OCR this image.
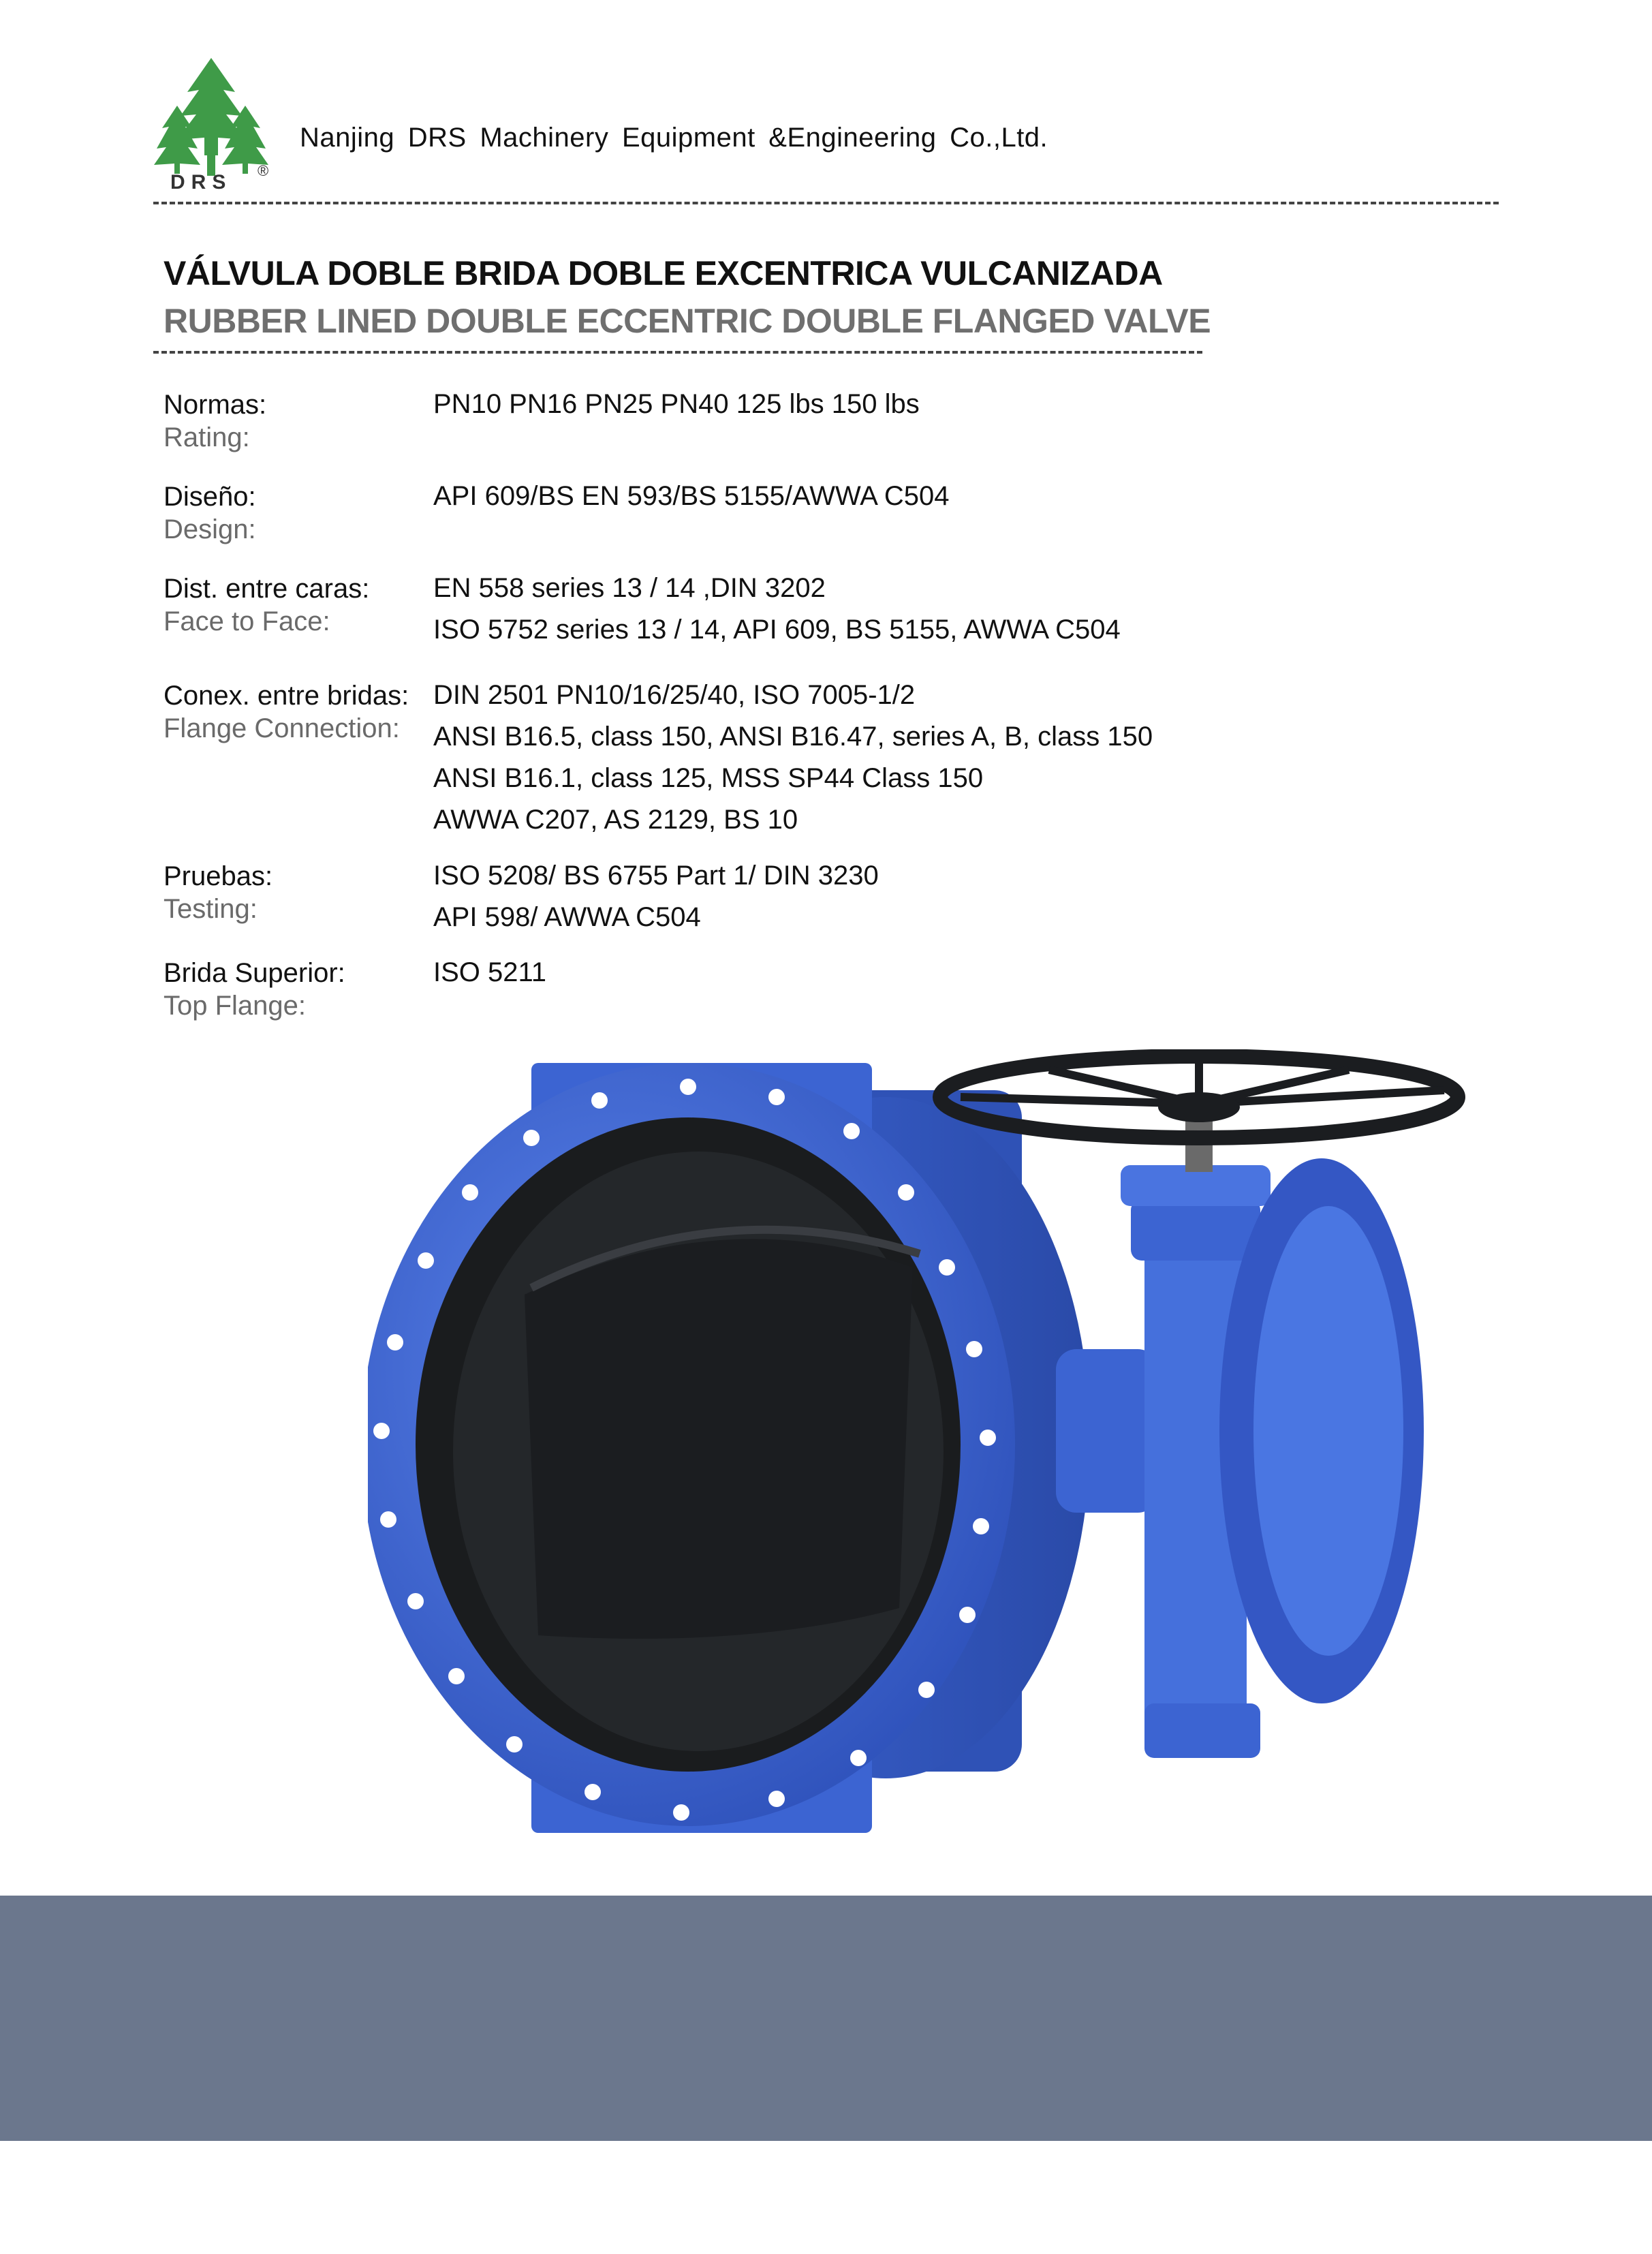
DRS
®
Nanjing DRS Machinery Equipment &Engineering Co.,Ltd.
VÁLVULA DOBLE BRIDA DOBLE EXCENTRICA VULCANIZADA
RUBBER LINED DOUBLE ECCENTRIC DOUBLE FLANGED VALVE
Normas:
Rating:
PN10 PN16 PN25 PN40 125 lbs 150 lbs
Diseño:
Design:
API 609/BS EN 593/BS 5155/AWWA C504
Dist. entre caras:
Face to Face:
EN 558 series 13 / 14 ,DIN 3202
ISO 5752 series 13 / 14, API 609, BS 5155, AWWA C504
Conex. entre bridas:
Flange Connection:
DIN 2501 PN10/16/25/40, ISO 7005-1/2
ANSI B16.5, class 150, ANSI B16.47, series A, B, class 150
ANSI B16.1, class 125, MSS SP44 Class 150
AWWA C207, AS 2129, BS 10
Pruebas:
Testing:
ISO 5208/ BS 6755 Part 1/ DIN 3230
API 598/ AWWA C504
Brida Superior:
Top Flange:
ISO 5211
